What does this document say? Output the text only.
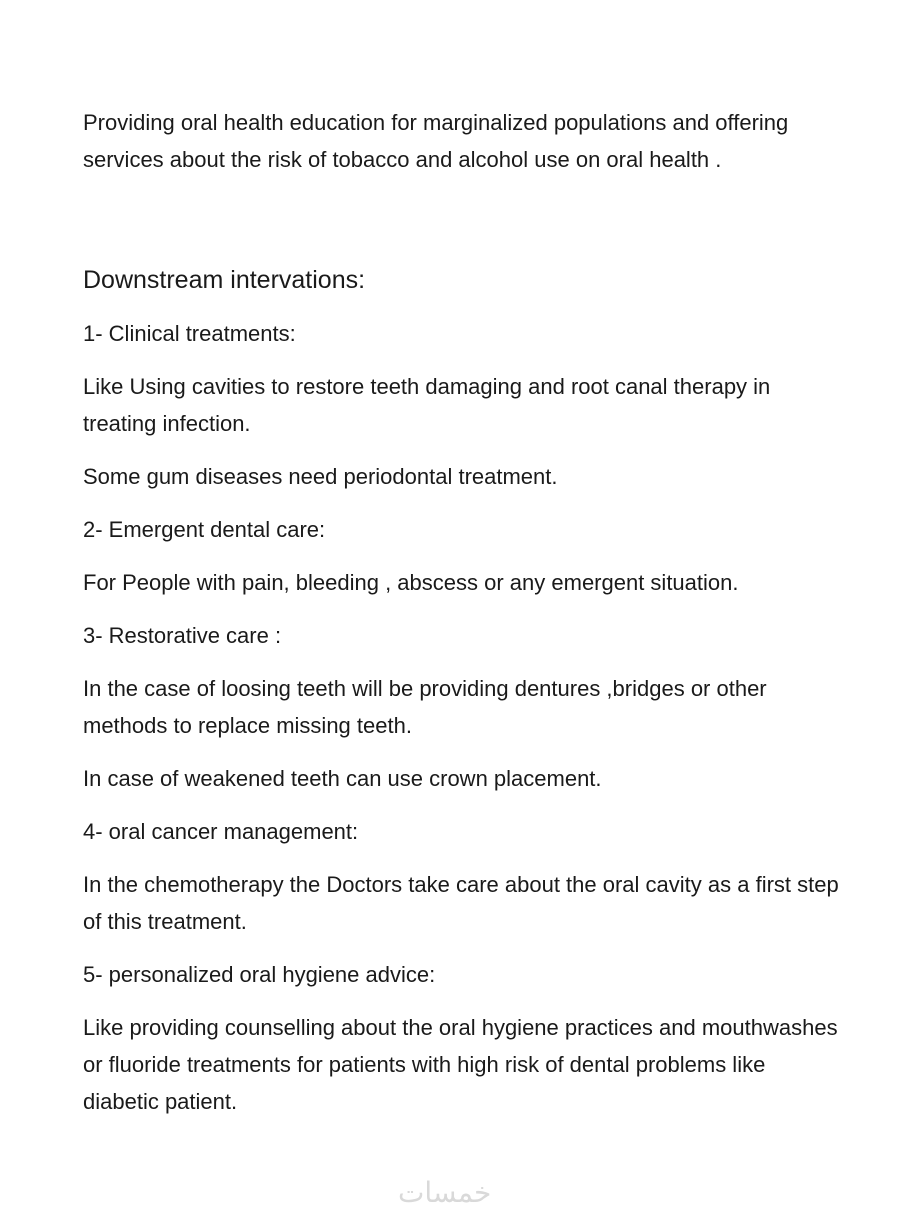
Providing oral health education for marginalized populations and offering services about the risk of tobacco and alcohol use on oral health .

Downstream intervations:

1- Clinical treatments:

Like Using cavities to restore teeth damaging and root canal therapy in treating infection.

Some gum diseases need periodontal treatment.

2- Emergent dental care:

For People with pain, bleeding , abscess or any emergent situation.

3- Restorative care :

In the case of loosing teeth will be providing dentures ,bridges or other methods to replace missing teeth.

In case of weakened teeth can use crown placement.

4- oral cancer management:

In the chemotherapy the Doctors take care about the oral cavity as a first step of this treatment.

5- personalized oral hygiene advice:

Like providing counselling about the oral hygiene practices and mouthwashes or fluoride treatments for patients with high risk of dental problems like diabetic patient.

خمسات
